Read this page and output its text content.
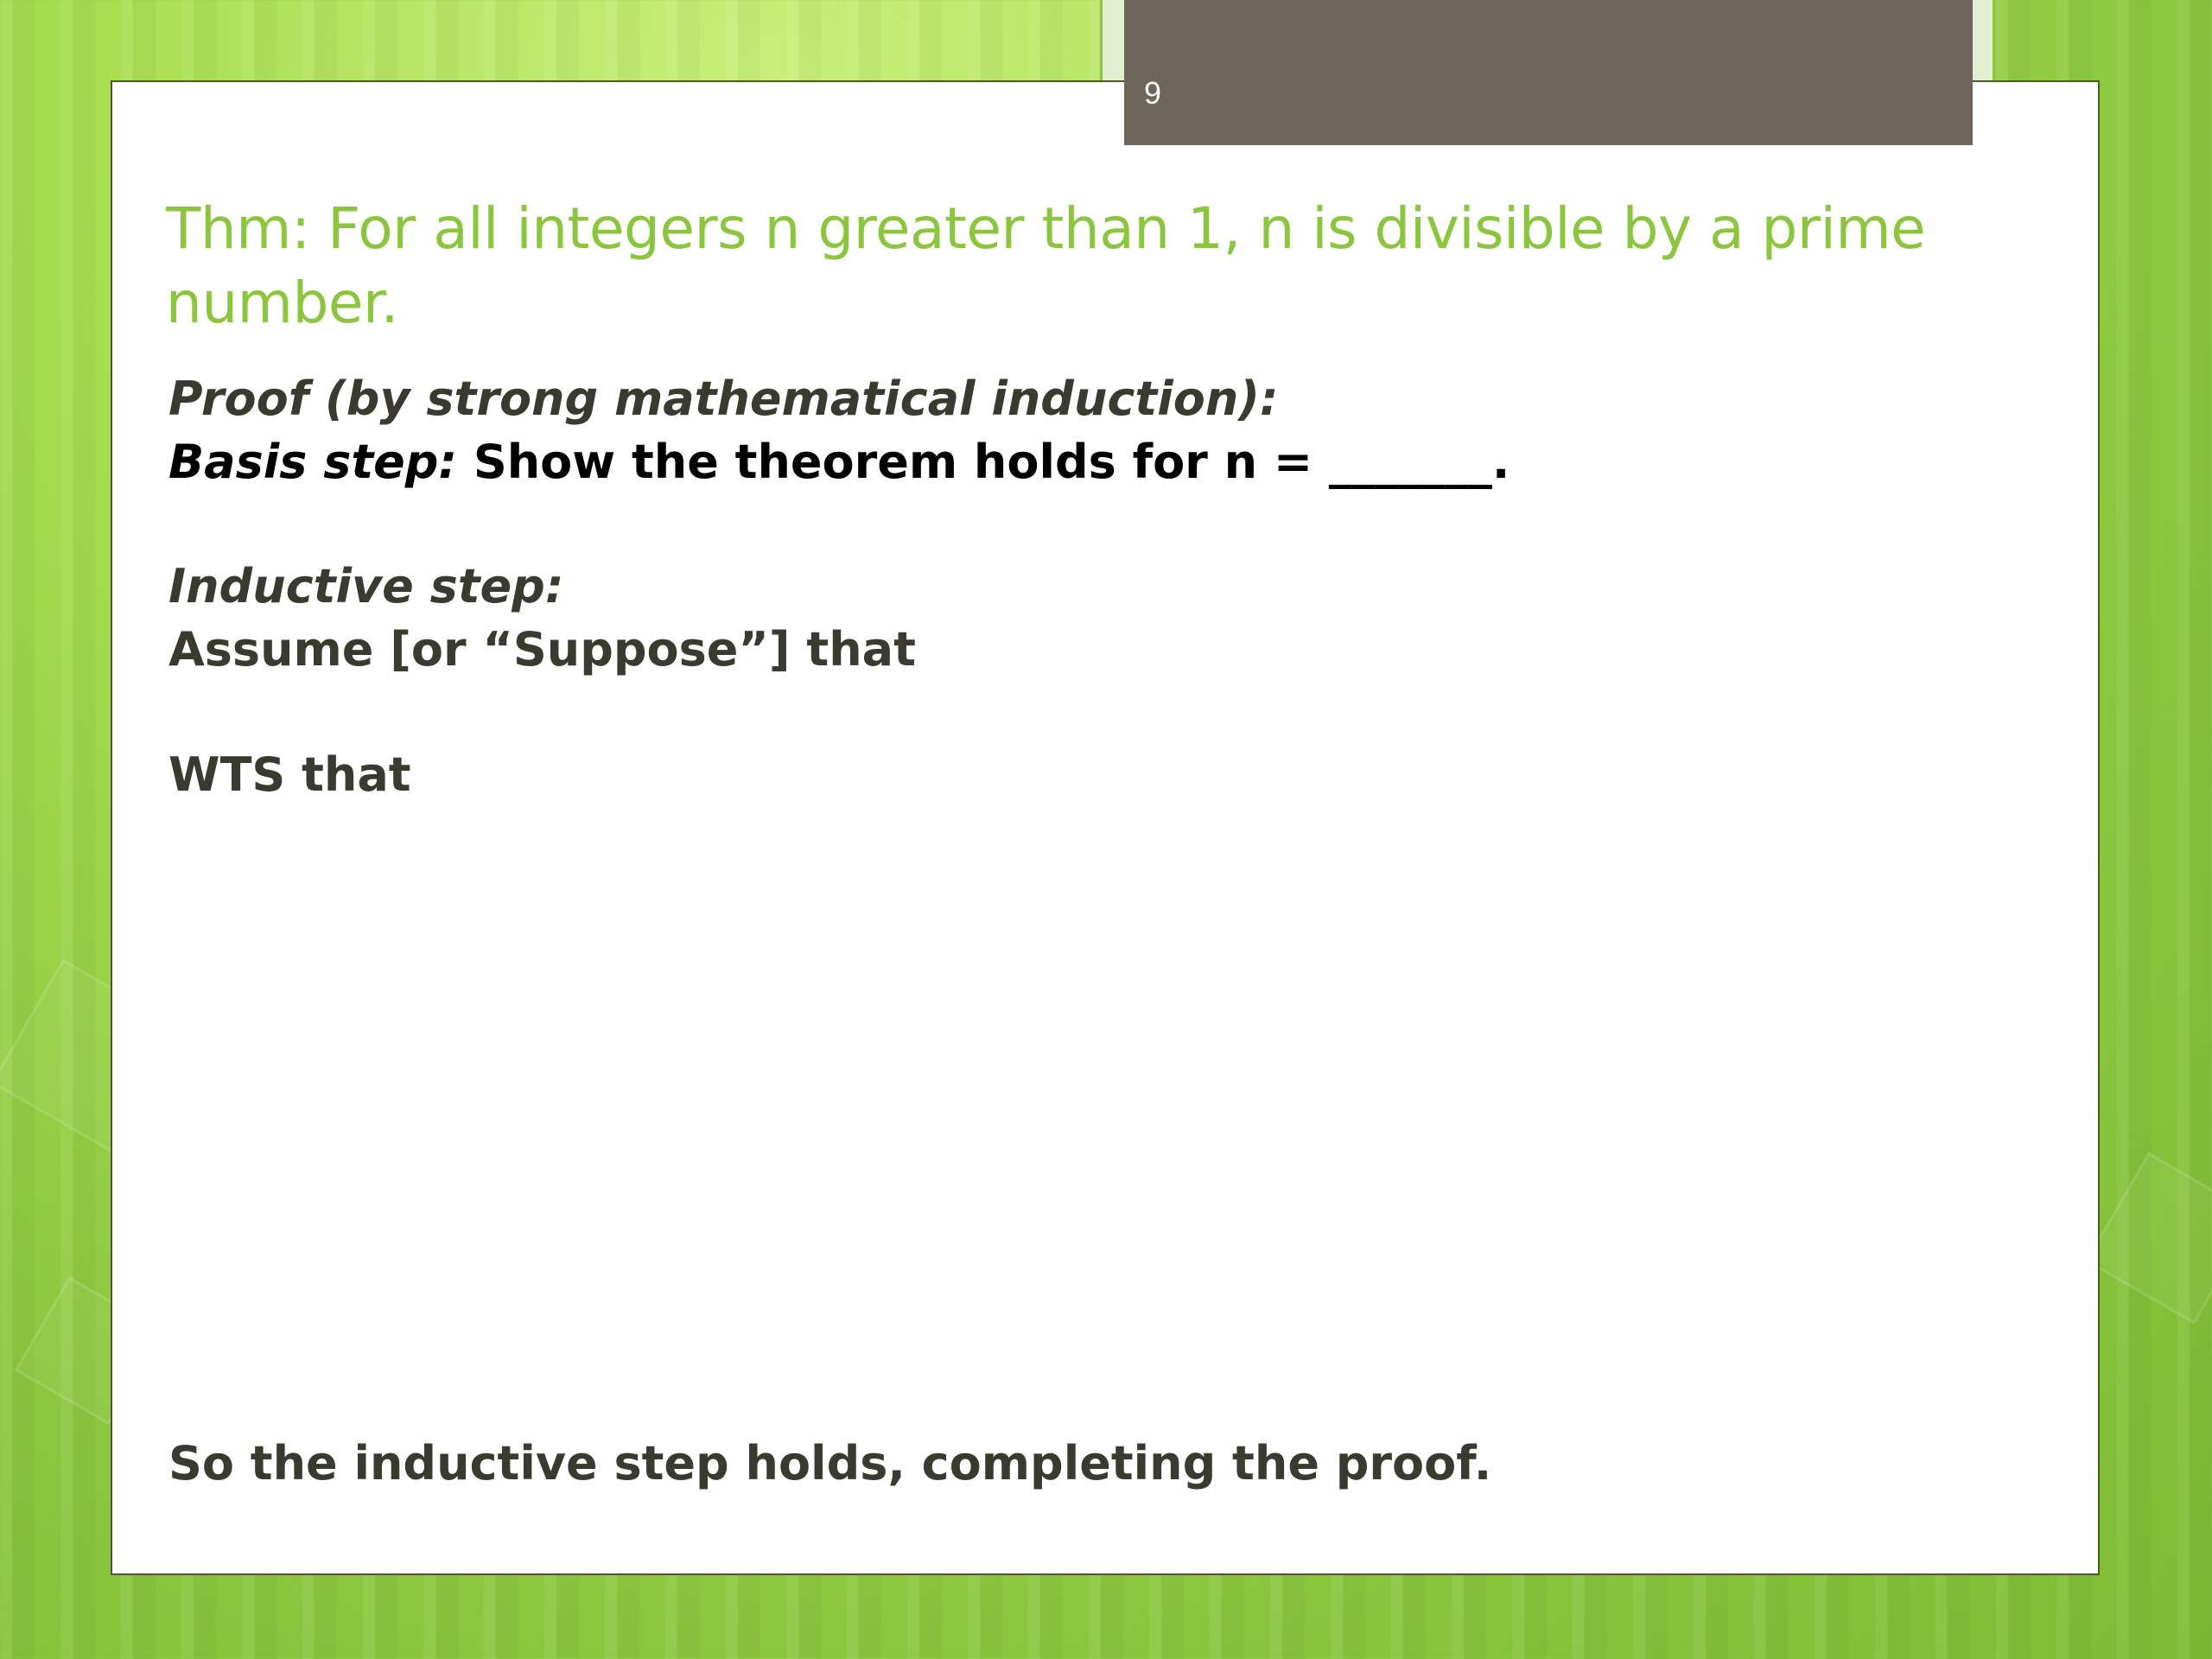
9
Thm: For all integers n greater than 1, n is divisible by a prime number.
Proof (by strong mathematical induction):
Basis step: Show the theorem holds for n = _______.
Inductive step:
Assume [or “Suppose”] that
WTS that
So the inductive step holds, completing the proof.
